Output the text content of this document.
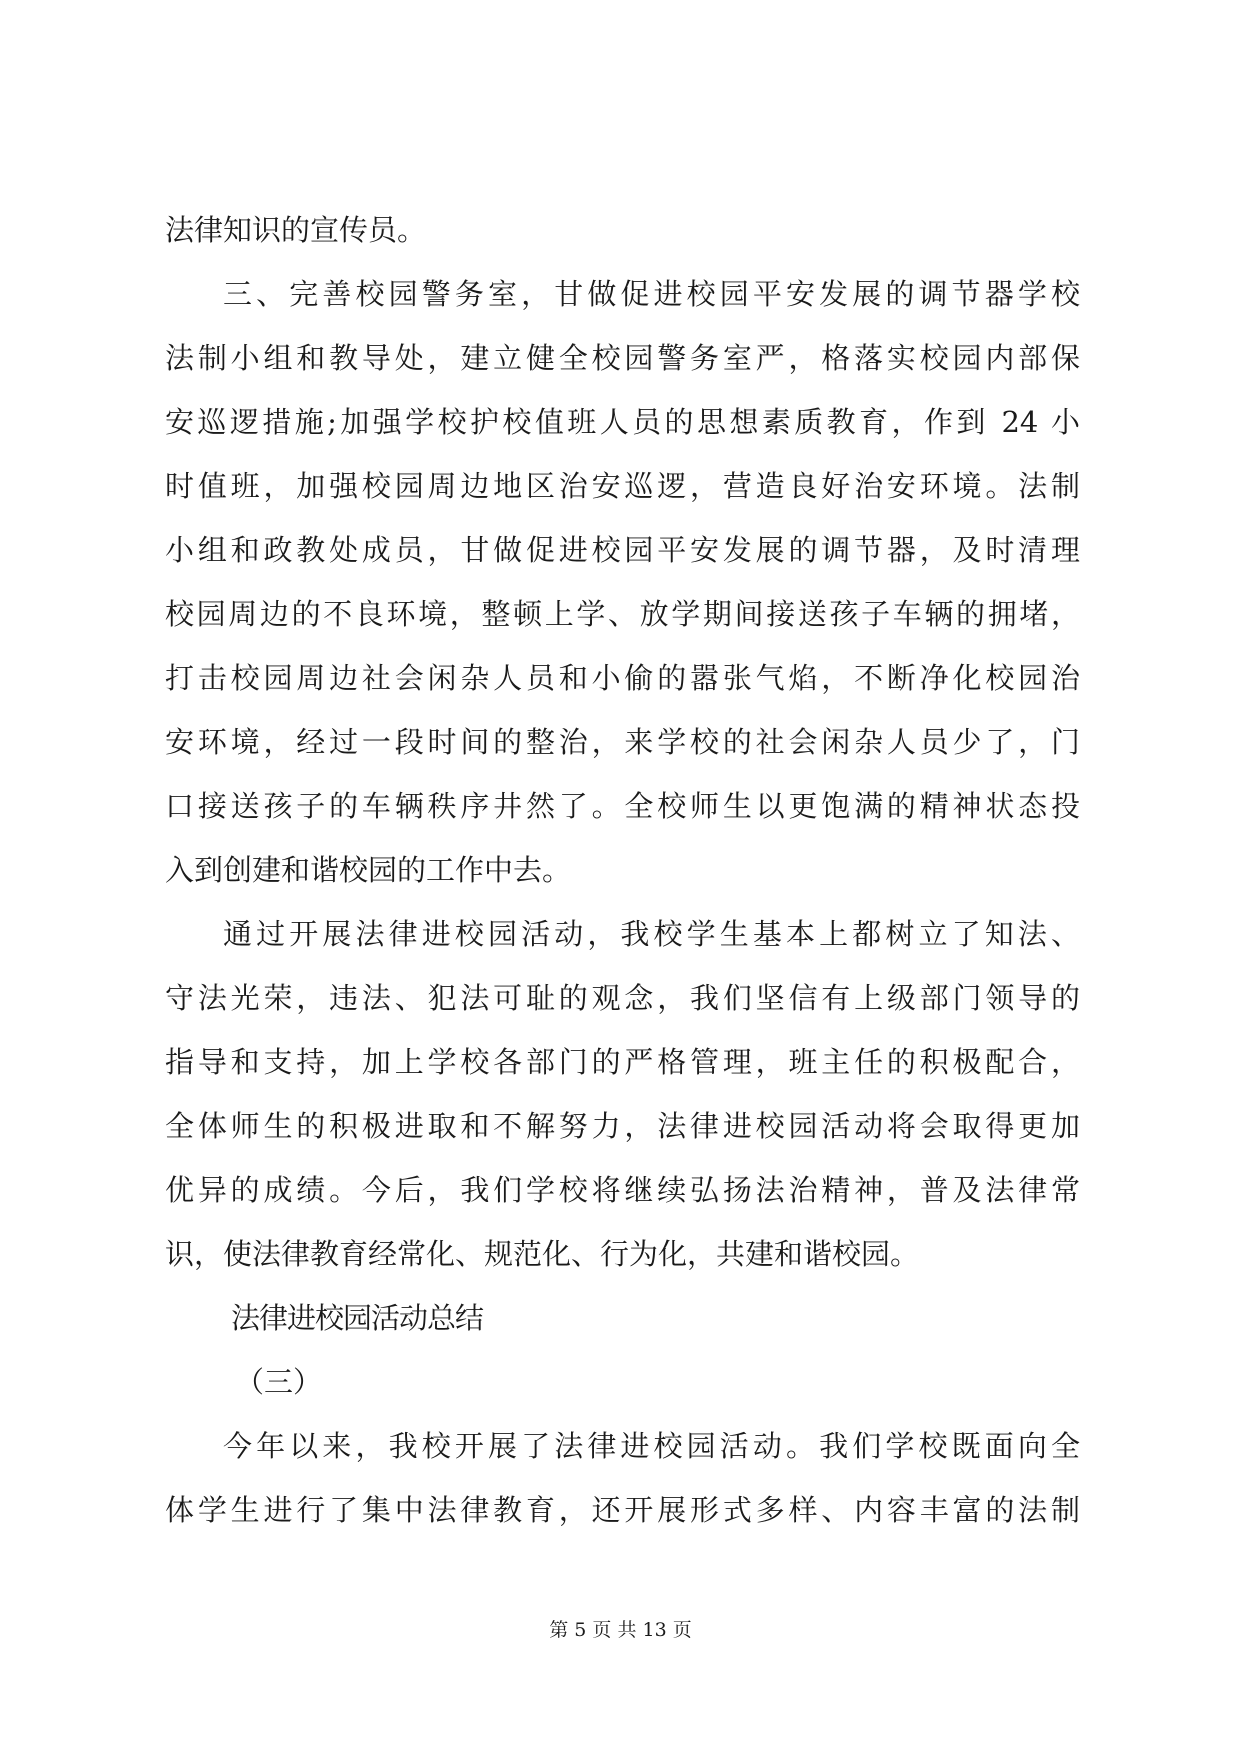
法律知识的宣传员。
三、完善校园警务室，甘做促进校园平安发展的调节器学校
法制小组和教导处，建立健全校园警务室严，格落实校园内部保
安巡逻措施;加强学校护校值班人员的思想素质教育，作到 24 小
时值班，加强校园周边地区治安巡逻，营造良好治安环境。法制
小组和政教处成员，甘做促进校园平安发展的调节器，及时清理
校园周边的不良环境，整顿上学、放学期间接送孩子车辆的拥堵，
打击校园周边社会闲杂人员和小偷的嚣张气焰，不断净化校园治
安环境，经过一段时间的整治，来学校的社会闲杂人员少了，门
口接送孩子的车辆秩序井然了。全校师生以更饱满的精神状态投
入到创建和谐校园的工作中去。
通过开展法律进校园活动，我校学生基本上都树立了知法、
守法光荣，违法、犯法可耻的观念，我们坚信有上级部门领导的
指导和支持，加上学校各部门的严格管理，班主任的积极配合，
全体师生的积极进取和不解努力，法律进校园活动将会取得更加
优异的成绩。今后，我们学校将继续弘扬法治精神，普及法律常
识，使法律教育经常化、规范化、行为化，共建和谐校园。
法律进校园活动总结
（三）
今年以来，我校开展了法律进校园活动。我们学校既面向全
体学生进行了集中法律教育，还开展形式多样、内容丰富的法制
第 5 页 共 13 页
